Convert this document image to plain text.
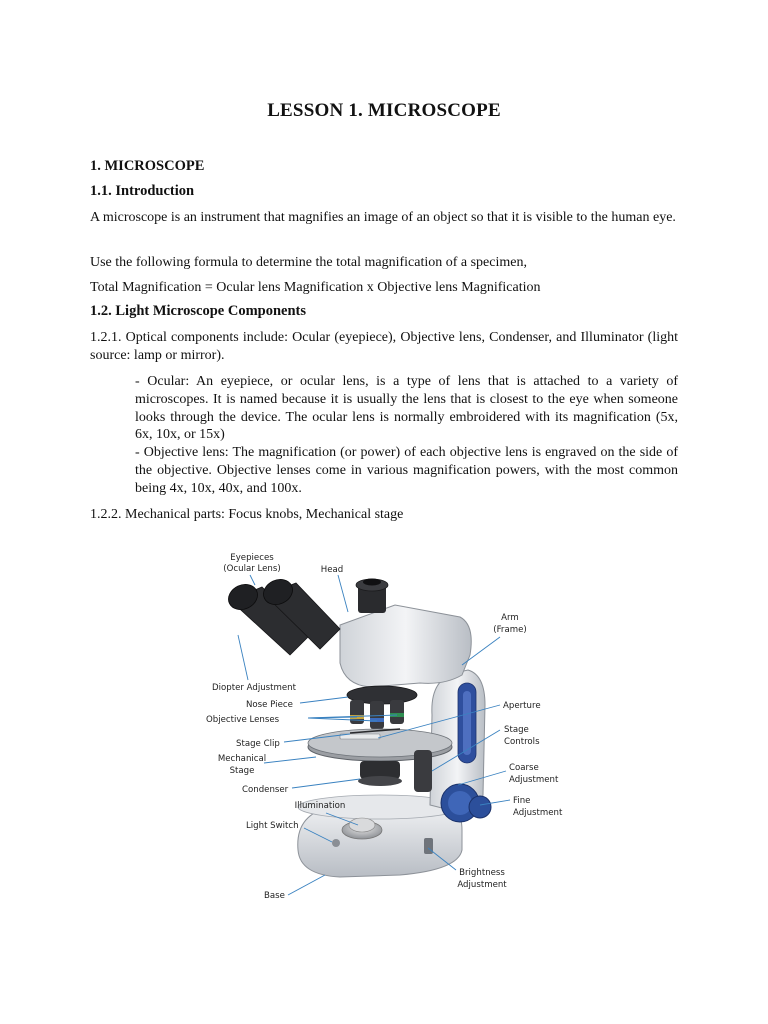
LESSON 1. MICROSCOPE
1. MICROSCOPE
1.1. Introduction
A microscope is an instrument that magnifies an image of an object so that it is visible to the human eye.
Use the following formula to determine the total magnification of a specimen,
Total Magnification = Ocular lens Magnification x Objective lens Magnification
1.2. Light Microscope Components
1.2.1. Optical components include: Ocular (eyepiece), Objective lens, Condenser, and Illuminator (light source: lamp or mirror).

- Ocular: An eyepiece, or ocular lens, is a type of lens that is attached to a variety of microscopes. It is named because it is usually the lens that is closest to the eye when someone looks through the device. The ocular lens is normally embroidered with its magnification (5x, 6x, 10x, or 15x)

- Objective lens: The magnification (or power) of each objective lens is engraved on the side of the objective. Objective lenses come in various magnification powers, with the most common being 4x, 10x, 40x, and 100x.

1.2.2. Mechanical parts: Focus knobs, Mechanical stage
Eyepieces
(Ocular Lens)	Head
Arm
(Frame)
Diopter Adjustment
Nose Piece
Objective Lenses
Aperture
Stage Clip
Stage
Controls
Mechanical
Stage	Coarse
Adjustment
Condenser
Fine
Adjustment
Illumination
Light Switch
Brightness
Adjustment
Base
